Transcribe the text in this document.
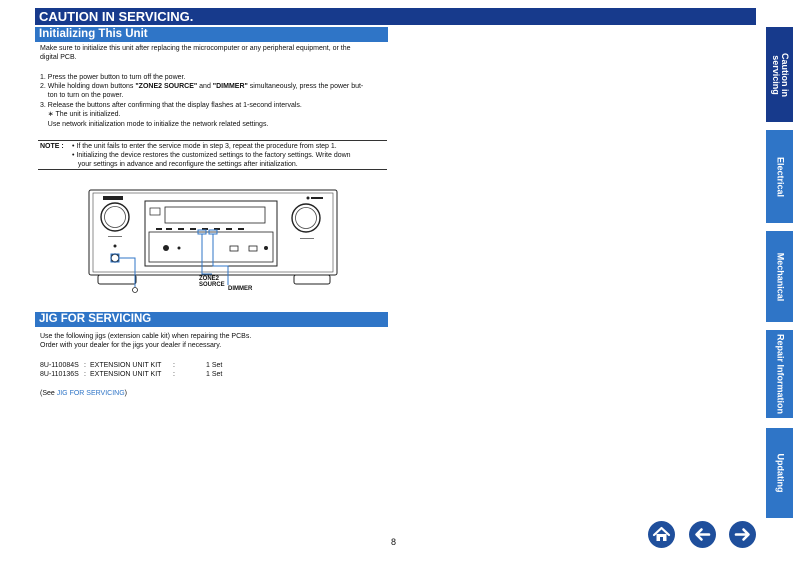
CAUTION IN SERVICING.
Initializing This Unit
Make sure to initialize this unit after replacing the microcomputer or any peripheral equipment, or the
digital PCB.
1. Press the power button to turn off the power.
2. While holding down buttons "ZONE2 SOURCE" and "DIMMER" simultaneously, press the power but-
ton to turn on the power.
3. Release the buttons after confirming that the display flashes at 1-second intervals.
∗ The unit is initialized.
Use network initialization mode to initialize the network related settings.
NOTE : • If the unit fails to enter the service mode in step 3, repeat the procedure from step 1.
• Initializing the device restores the customized settings to the factory settings. Write down
your settings in advance and reconfigure the settings after initialization.
ZONE2
SOURCE
DIMMER
JIG FOR SERVICING
Use the following jigs (extension cable kit) when repairing the PCBs.
Order with your dealer for the jigs your dealer if necessary.
8U-110084S : EXTENSION UNIT KIT :	1 Set
8U-110136S : EXTENSION UNIT KIT :	1 Set
(See JIG FOR SERVICING)
Caution in servicing
Electrical
Mechanical
Repair Information
Updating
8
